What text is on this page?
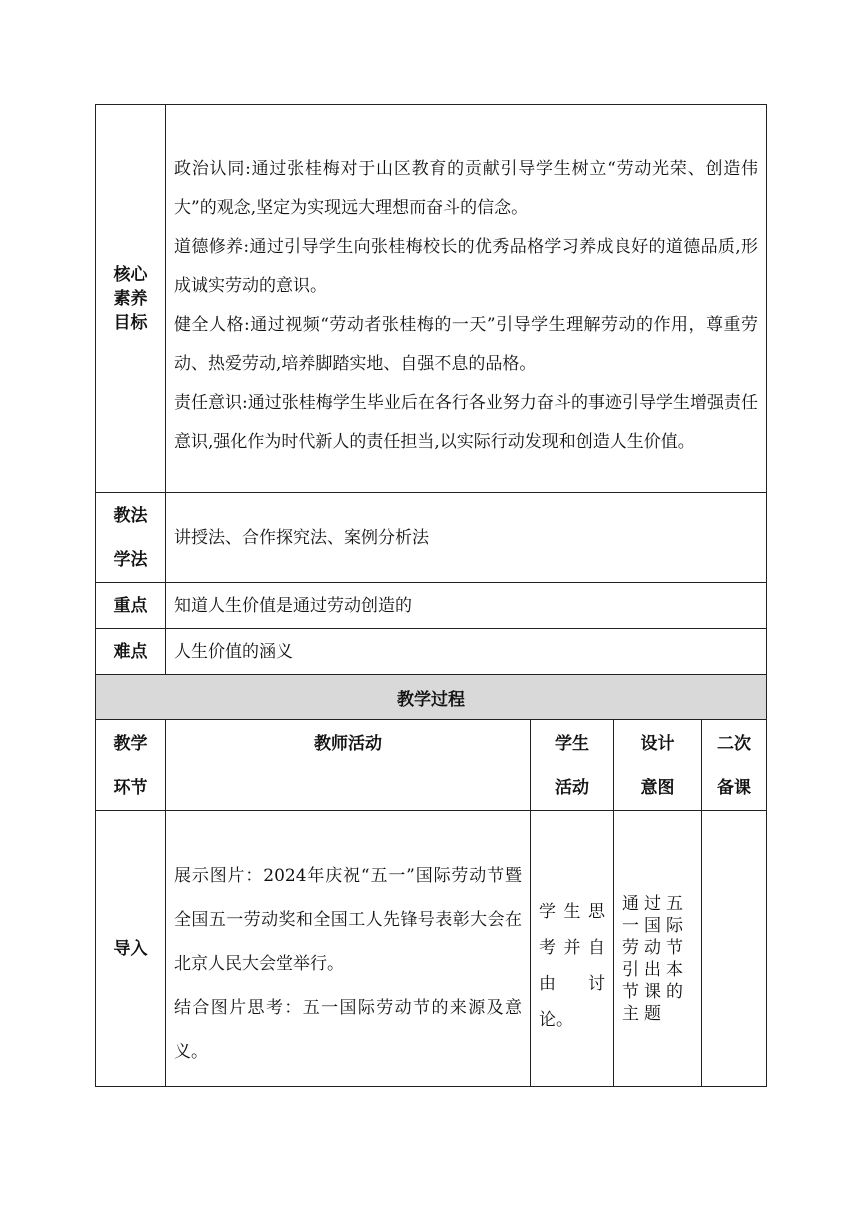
核心素养目标	政治认同:通过张桂梅对于山区教育的贡献引导学生树立“劳动光荣、创造伟大”的观念,坚定为实现远大理想而奋斗的信念。

道德修养:通过引导学生向张桂梅校长的优秀品格学习养成良好的道德品质,形成诚实劳动的意识。

健全人格:通过视频“劳动者张桂梅的一天”引导学生理解劳动的作用，尊重劳动、热爱劳动,培养脚踏实地、自强不息的品格。

责任意识:通过张桂梅学生毕业后在各行各业努力奋斗的事迹引导学生增强责任意识,强化作为时代新人的责任担当,以实际行动发现和创造人生价值。			

教法学法	讲授法、合作探究法、案例分析法			
重点	知道人生价值是通过劳动创造的			
难点	人生价值的涵义			
教学过程				
教学环节	教师活动	学生活动	设计意图	二次备课
导入	展示图片：2024年庆祝“五一”国际劳动节暨全国五一劳动奖和全国工人先锋号表彰大会在北京人民大会堂举行。

结合图片思考：五一国际劳动节的来源及意义。	学生思考并自由 讨论。	通过五一国际劳动节引出本节课的主题	
